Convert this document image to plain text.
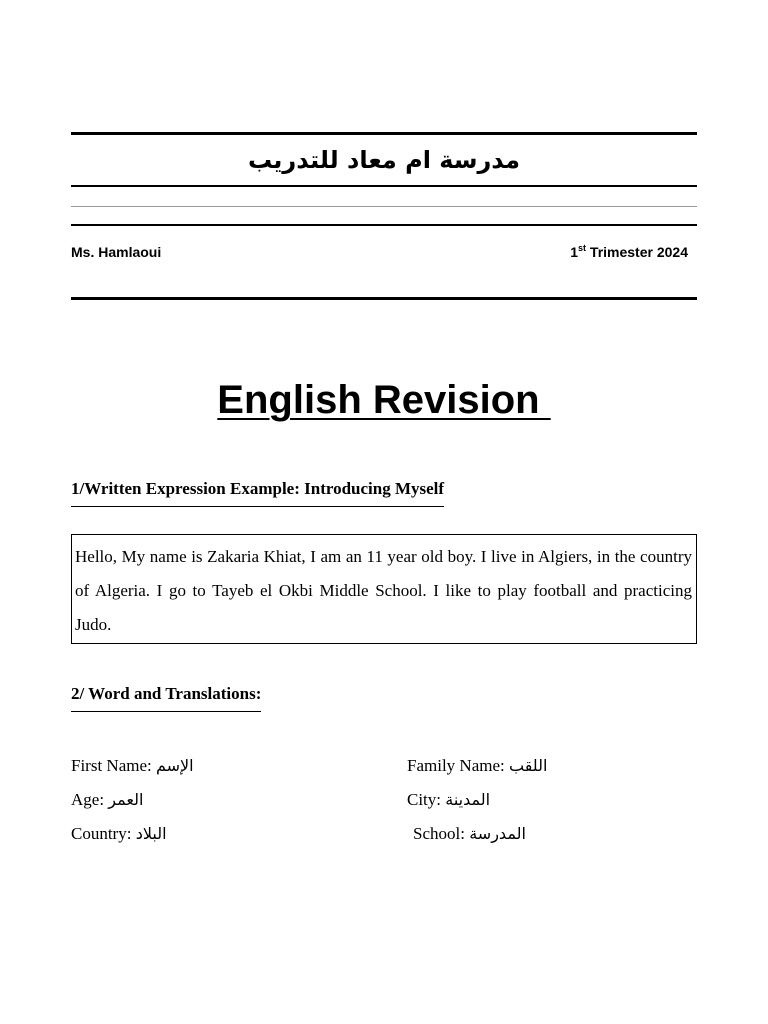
مدرسة ام معاد للتدريب
Ms. Hamlaoui	1st Trimester 2024
English Revision
1/Written Expression Example: Introducing Myself
Hello, My name is Zakaria Khiat, I am an 11 year old boy. I live in Algiers, in the country of Algeria. I go to Tayeb el Okbi Middle School. I like to play football and practicing Judo.
2/ Word and Translations:
First Name: الإسم	Family Name: اللقب
Age: العمر	City: المدينة
Country: البلاد	School: المدرسة
